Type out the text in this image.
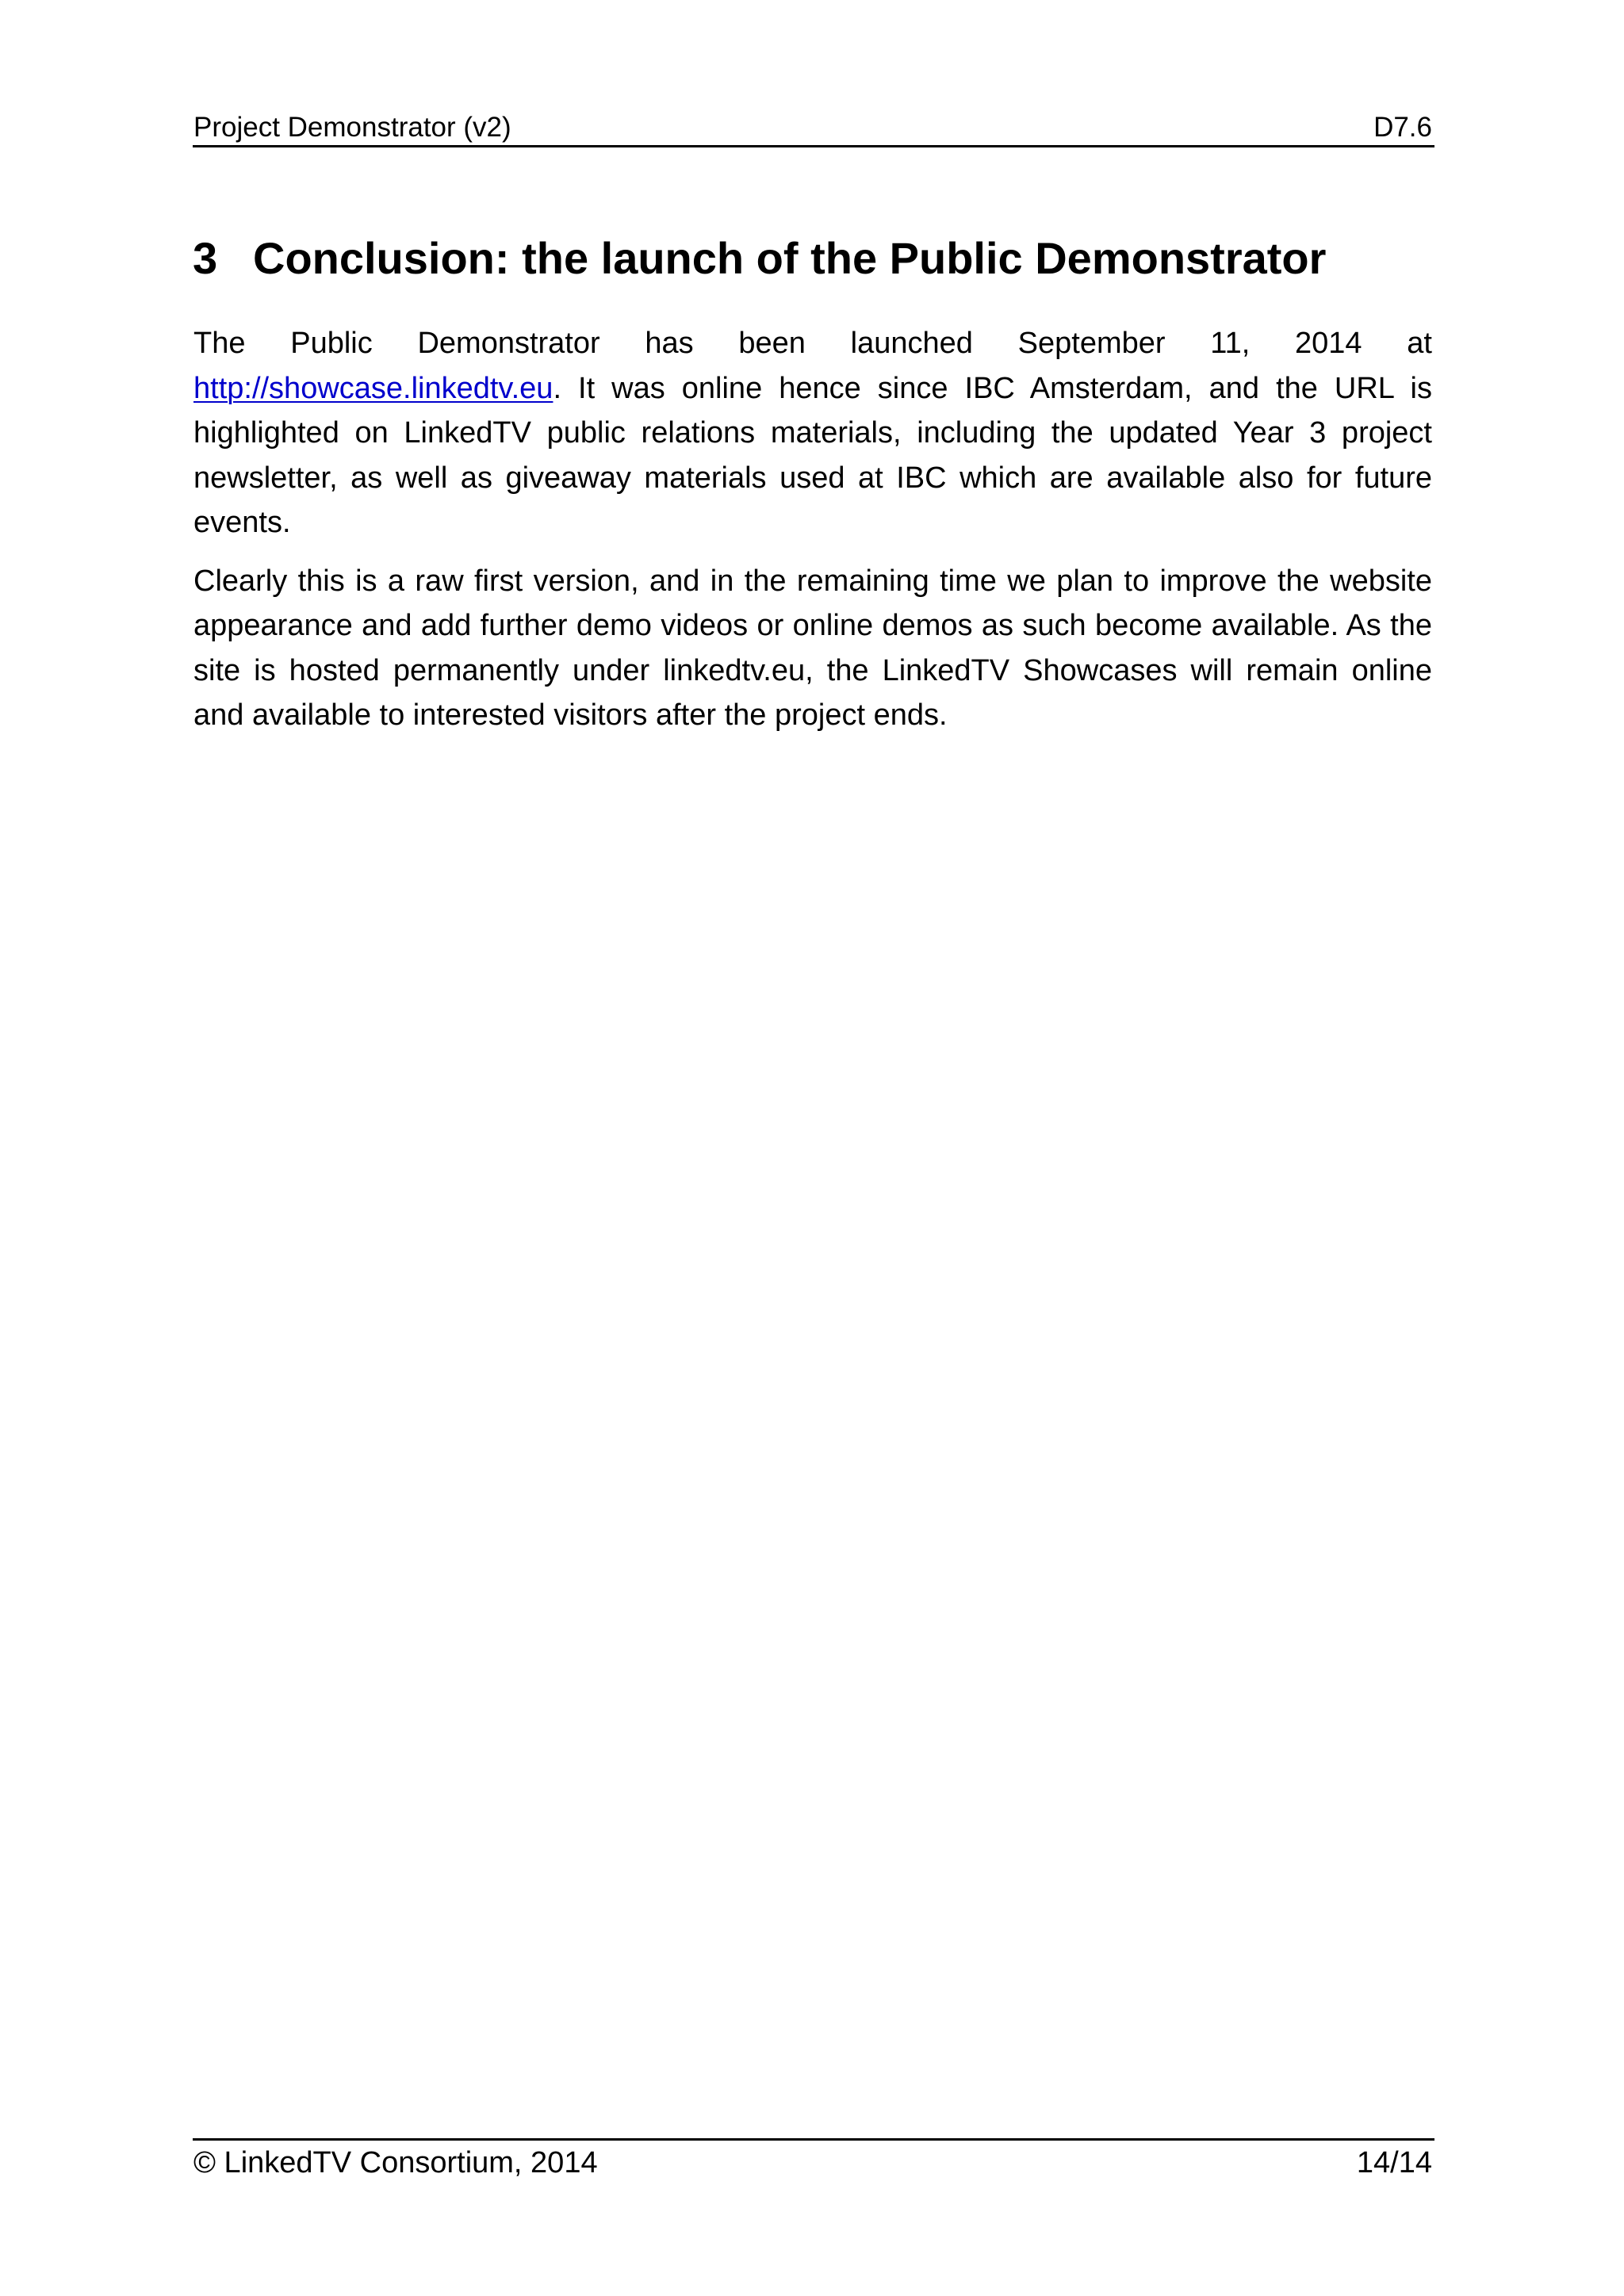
Project Demonstrator (v2)	D7.6
3 Conclusion: the launch of the Public Demonstrator

The Public Demonstrator has been launched September 11, 2014 at http://showcase.linkedtv.eu. It was online hence since IBC Amsterdam, and the URL is highlighted on LinkedTV public relations materials, including the updated Year 3 project newsletter, as well as giveaway materials used at IBC which are available also for future events.

Clearly this is a raw first version, and in the remaining time we plan to improve the website appearance and add further demo videos or online demos as such become available. As the site is hosted permanently under linkedtv.eu, the LinkedTV Showcases will remain online and available to interested visitors after the project ends.

© LinkedTV Consortium, 2014	14/14
